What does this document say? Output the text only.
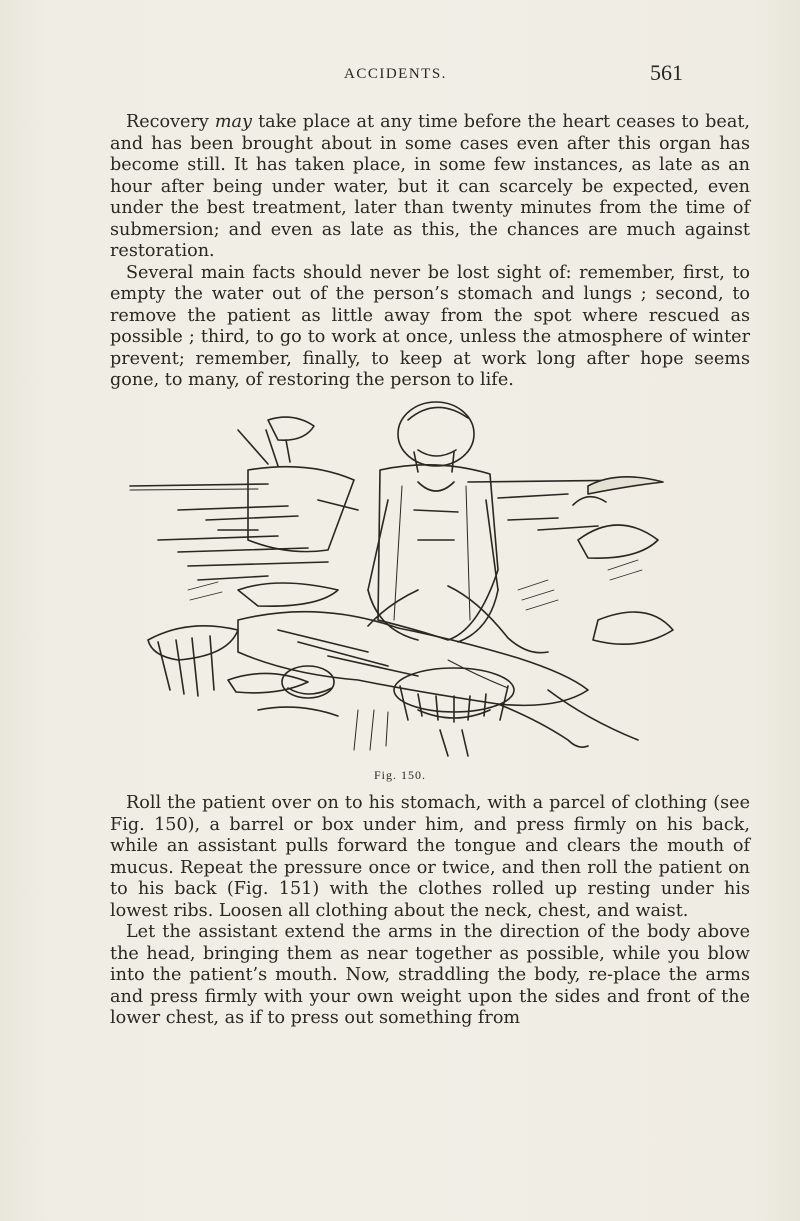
ACCIDENTS.	561

Recovery may take place at any time before the heart ceases to beat, and has been brought about in some cases even after this organ has become still. It has taken place, in some few instances, as late as an hour after being under water, but it can scarcely be expected, even under the best treatment, later than twenty minutes from the time of submersion; and even as late as this, the chances are much against restoration.

Several main facts should never be lost sight of: remember, first, to empty the water out of the person’s stomach and lungs ; second, to remove the patient as little away from the spot where rescued as possible ; third, to go to work at once, unless the atmosphere of winter prevent; remember, finally, to keep at work long after hope seems gone, to many, of restoring the person to life.

Fig. 150.

Roll the patient over on to his stomach, with a parcel of clothing (see Fig. 150), a barrel or box under him, and press firmly on his back, while an assistant pulls forward the tongue and clears the mouth of mucus. Repeat the pressure once or twice, and then roll the patient on to his back (Fig. 151) with the clothes rolled up resting under his lowest ribs. Loosen all clothing about the neck, chest, and waist.

Let the assistant extend the arms in the direction of the body above the head, bringing them as near together as possible, while you blow into the patient’s mouth. Now, straddling the body, re-place the arms and press firmly with your own weight upon the sides and front of the lower chest, as if to press out something from
